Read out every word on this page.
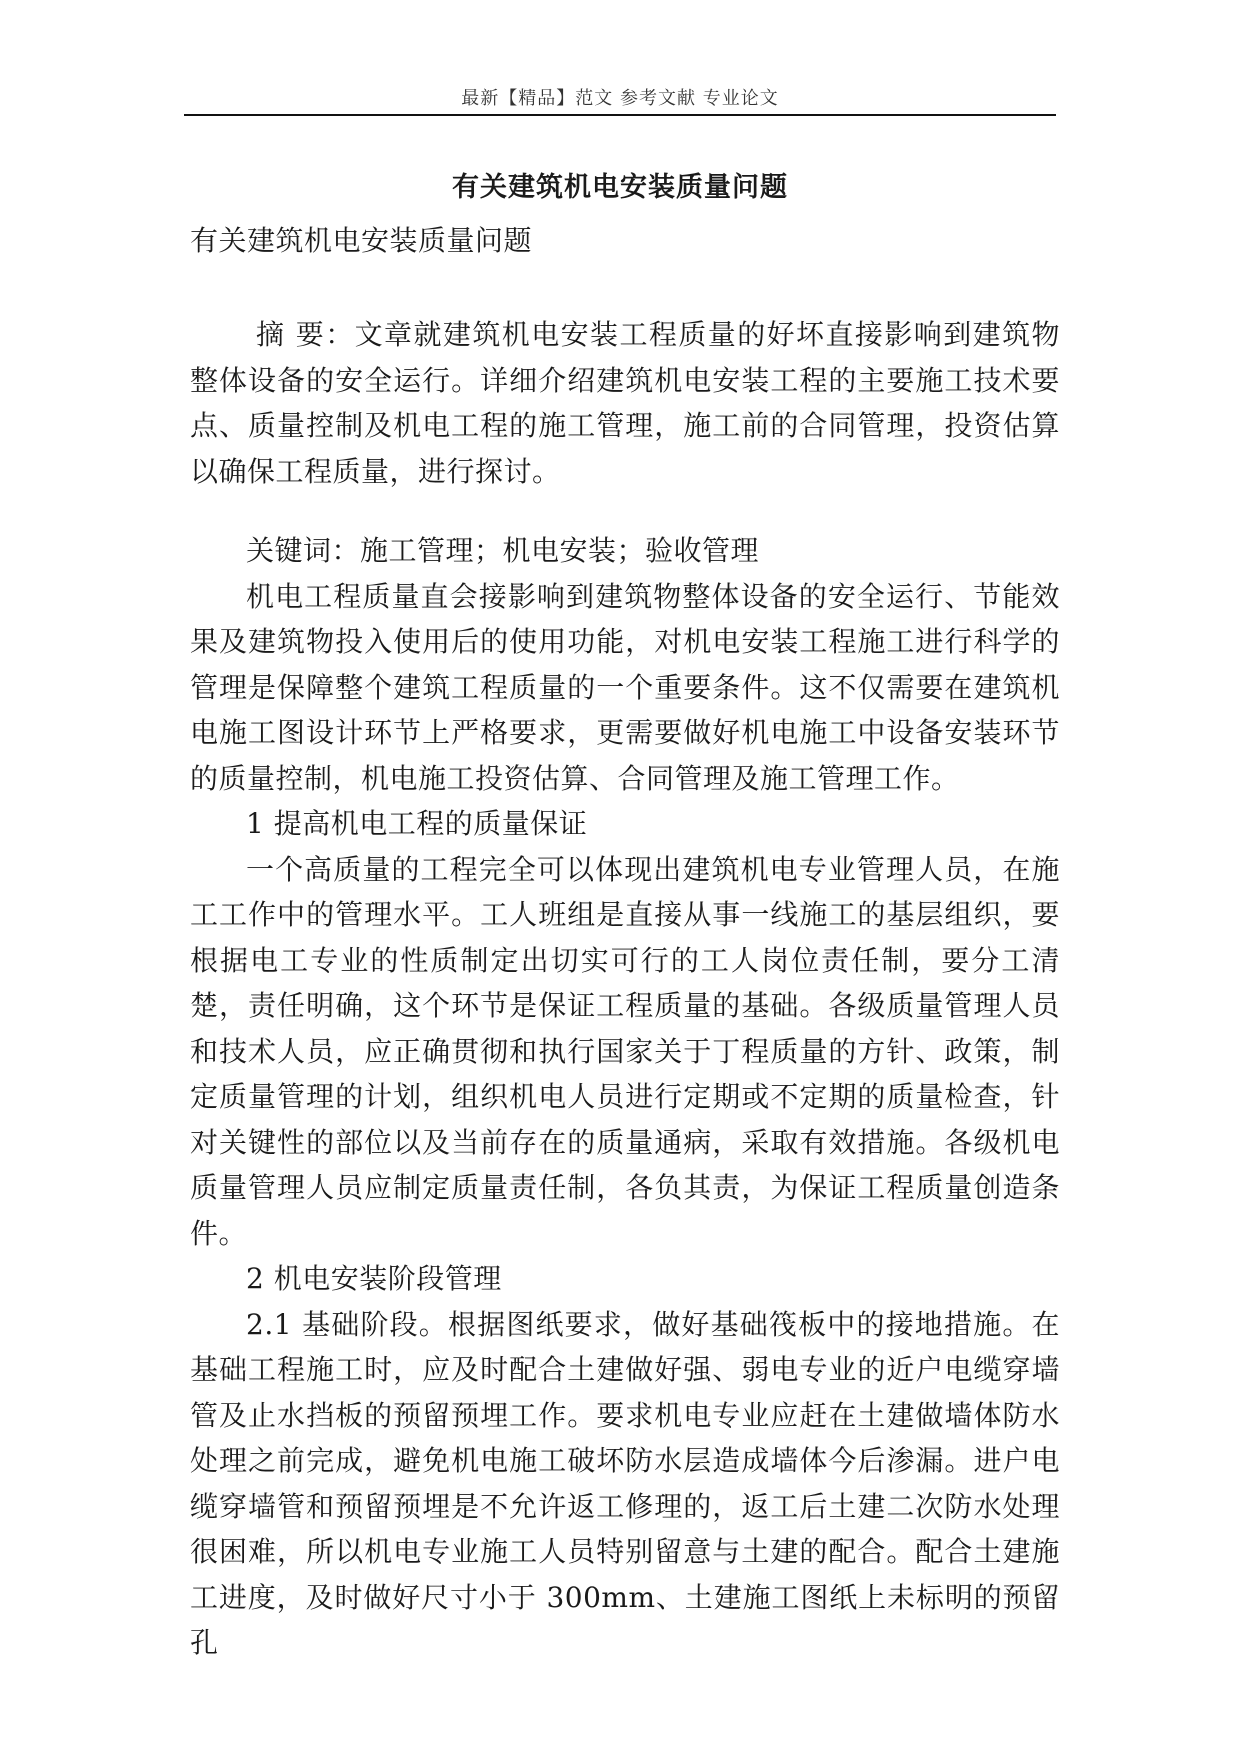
最新【精品】范文 参考文献 专业论文
有关建筑机电安装质量问题

有关建筑机电安装质量问题

摘 要：文章就建筑机电安装工程质量的好坏直接影响到建筑物整体设备的安全运行。详细介绍建筑机电安装工程的主要施工技术要点、质量控制及机电工程的施工管理，施工前的合同管理，投资估算以确保工程质量，进行探讨。

关键词：施工管理；机电安装；验收管理

机电工程质量直会接影响到建筑物整体设备的安全运行、节能效果及建筑物投入使用后的使用功能，对机电安装工程施工进行科学的管理是保障整个建筑工程质量的一个重要条件。这不仅需要在建筑机电施工图设计环节上严格要求，更需要做好机电施工中设备安装环节的质量控制，机电施工投资估算、合同管理及施工管理工作。

1 提高机电工程的质量保证

一个高质量的工程完全可以体现出建筑机电专业管理人员，在施工工作中的管理水平。工人班组是直接从事一线施工的基层组织，要根据电工专业的性质制定出切实可行的工人岗位责任制，要分工清楚，责任明确，这个环节是保证工程质量的基础。各级质量管理人员和技术人员，应正确贯彻和执行国家关于丁程质量的方针、政策，制定质量管理的计划，组织机电人员进行定期或不定期的质量检查，针对关键性的部位以及当前存在的质量通病，采取有效措施。各级机电质量管理人员应制定质量责任制，各负其责，为保证工程质量创造条件。

2 机电安装阶段管理

2.1 基础阶段。根据图纸要求，做好基础筏板中的接地措施。在基础工程施工时，应及时配合土建做好强、弱电专业的近户电缆穿墙管及止水挡板的预留预埋工作。要求机电专业应赶在土建做墙体防水处理之前完成，避免机电施工破坏防水层造成墙体今后渗漏。进户电缆穿墙管和预留预埋是不允许返工修理的，返工后土建二次防水处理很困难，所以机电专业施工人员特别留意与土建的配合。配合土建施工进度，及时做好尺寸小于 300mm、土建施工图纸上未标明的预留孔
